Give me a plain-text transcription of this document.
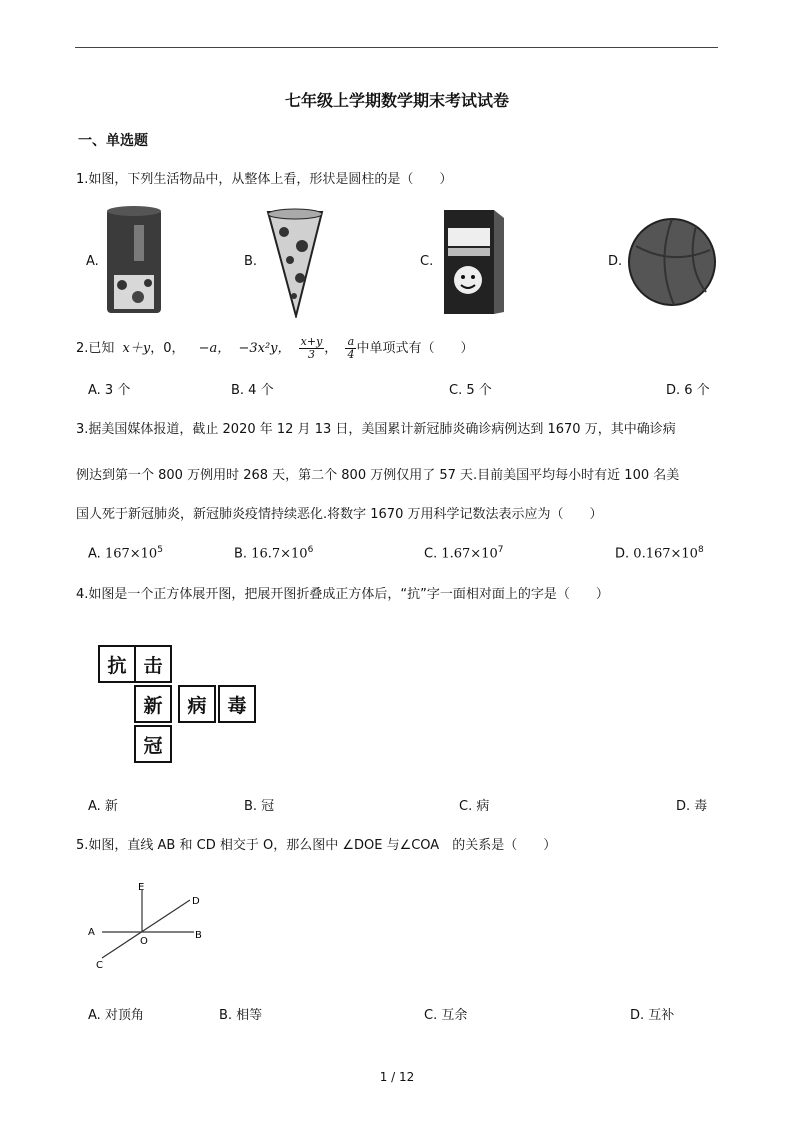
七年级上学期数学期末考试试卷
一、单选题
1.如图，下列生活物品中，从整体上看，形状是圆柱的是（　　）
A.	B.	C.	D.
2.已知 x＋y，0， −a， −3x²y， $\frac{x+y}{3}$ ， $\frac{a}{4}$ 中单项式有（　　）
A. 3 个	B. 4 个	C. 5 个	D. 6 个
3.据美国媒体报道，截止 2020 年 12 月 13 日，美国累计新冠肺炎确诊病例达到 1670 万，其中确诊病
例达到第一个 800 万例用时 268 天，第二个 800 万例仅用了 57 天.目前美国平均每小时有近 100 名美
国人死于新冠肺炎，新冠肺炎疫情持续恶化.将数字 1670 万用科学记数法表示应为（　　）
A. $167\times 10^5$	B. $16.7\times 10^6$	C. $1.67\times 10^7$	D. $0.167\times 10^8$
4.如图是一个正方体展开图，把展开图折叠成正方体后，“抗”字一面相对面上的字是（　　）
抗 击
新	病	毒
冠
A. 新	B. 冠	C. 病	D. 毒
5.如图，直线 AB 和 CD 相交于 O，那么图中 ∠DOE 与∠COA　的关系是（　　）
E
D
A
O
B
C
A. 对顶角	B. 相等	C. 互余	D. 互补
1 / 12
